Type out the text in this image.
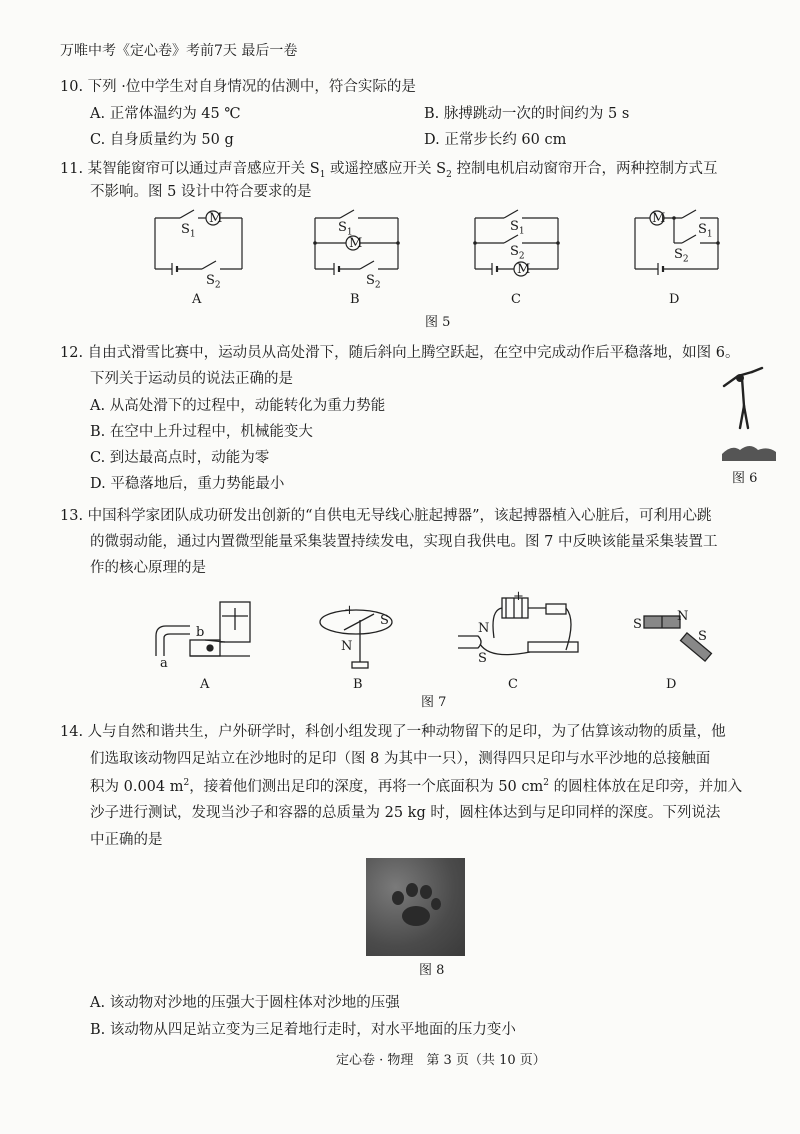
万唯中考《定心卷》考前7天 最后一卷
10. 下列 ·位中学生对自身情况的估测中，符合实际的是
A. 正常体温约为 45 ℃	B. 脉搏跳动一次的时间约为 5 s
C. 自身质量约为 50 g	D. 正常步长约 60 cm
11. 某智能窗帘可以通过声音感应开关 $S_1$ 或遥控感应开关 $S_2$ 控制电机启动窗帘开合，两种控制方式互
不影响。图 5 设计中符合要求的是
M
$S_1$
$S_2$
A
M
$S_1$
$S_2$
B
$S_1$
$S_2$
M
C
M
$S_1$
$S_2$
D
图 5
12. 自由式滑雪比赛中，运动员从高处滑下，随后斜向上腾空跃起，在空中完成动作后平稳落地，如图 6。
下列关于运动员的说法正确的是
A. 从高处滑下的过程中，动能转化为重力势能
B. 在空中上升过程中，机械能变大
C. 到达最高点时，动能为零
D. 平稳落地后，重力势能最小	图 6
13. 中国科学家团队成功研发出创新的“自供电无导线心脏起搏器”，该起搏器植入心脏后，可利用心跳
的微弱动能，通过内置微型能量采集装置持续发电，实现自我供电。图 7 中反映该能量采集装置工
作的核心原理的是
b
a
A
+
S
N
B
N
S
+
C
S
N
S
D
图 7
14. 人与自然和谐共生，户外研学时，科创小组发现了一种动物留下的足印，为了估算该动物的质量，他
们选取该动物四足站立在沙地时的足印（图 8 为其中一只），测得四只足印与水平沙地的总接触面
积为 0.004 $m^2$，接着他们测出足印的深度，再将一个底面积为 50 $cm^2$ 的圆柱体放在足印旁，并加入
沙子进行测试，发现当沙子和容器的总质量为 25 kg 时，圆柱体达到与足印同样的深度。下列说法
中正确的是
图 8
A. 该动物对沙地的压强大于圆柱体对沙地的压强
B. 该动物从四足站立变为三足着地行走时，对水平地面的压力变小
定心卷 · 物理　第 3 页（共 10 页）
